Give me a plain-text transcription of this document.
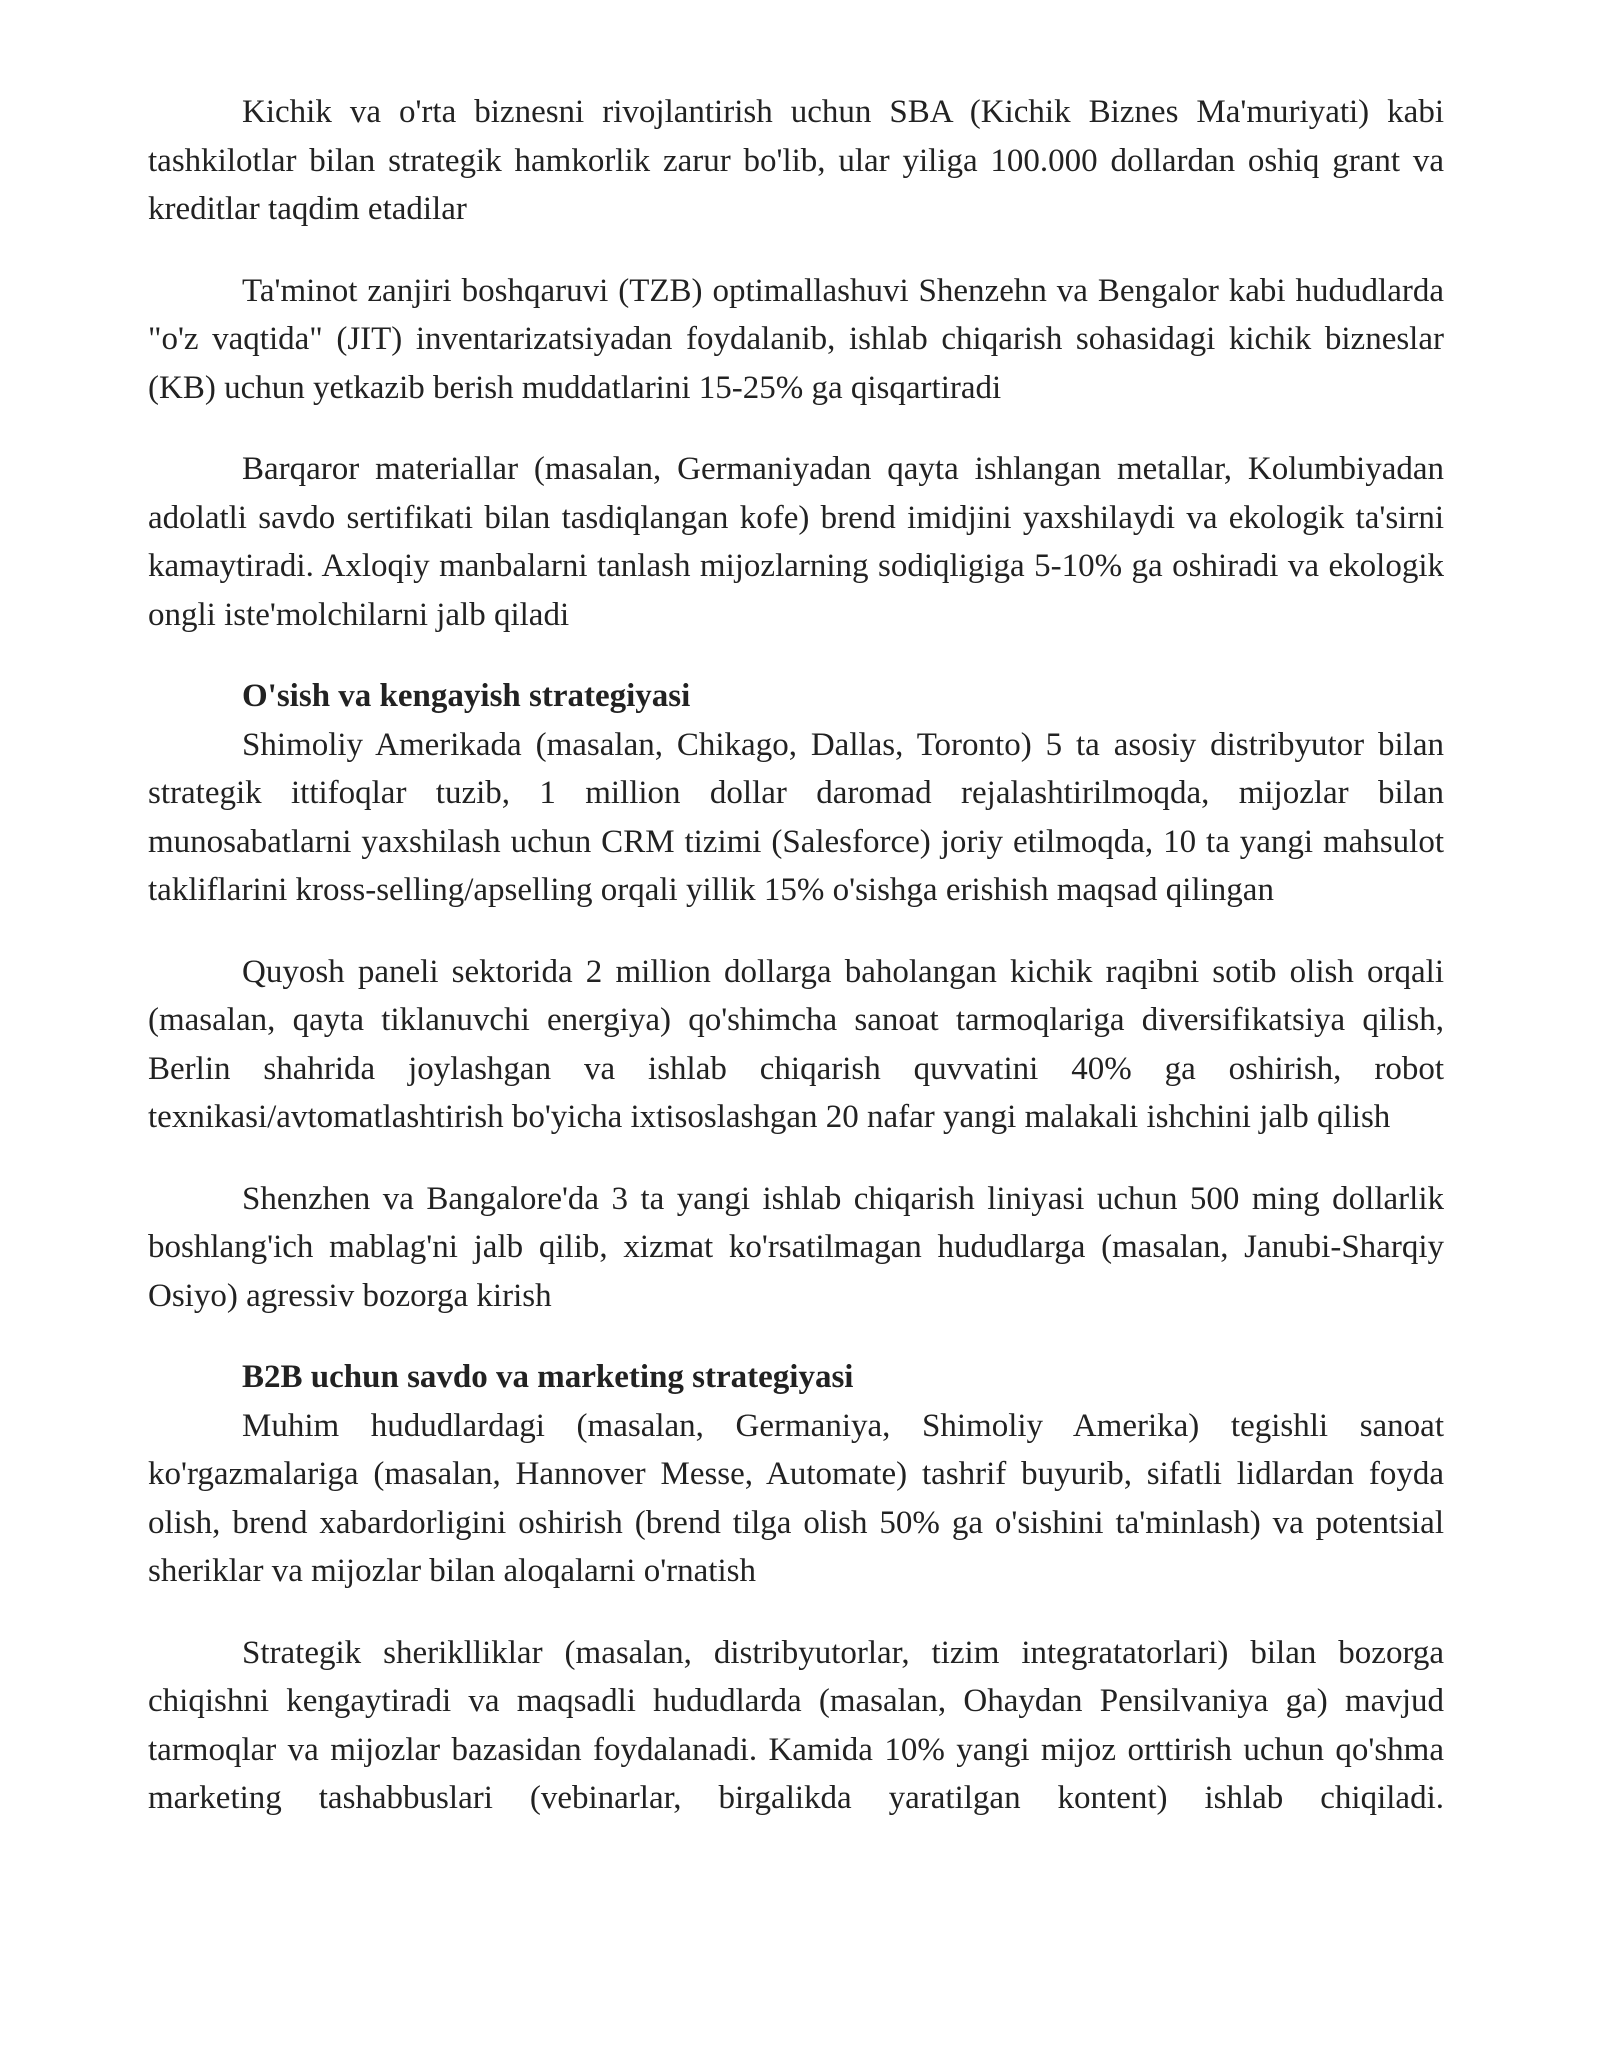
Kichik va o'rta biznesni rivojlantirish uchun SBA (Kichik Biznes Ma'muriyati) kabi tashkilotlar bilan strategik hamkorlik zarur bo'lib, ular yiliga 100.000 dollardan oshiq grant va kreditlar taqdim etadilar

Ta'minot zanjiri boshqaruvi (TZB) optimallashuvi Shenzehn va Bengalor kabi hududlarda "o'z vaqtida" (JIT) inventarizatsiyadan foydalanib, ishlab chiqarish sohasidagi kichik bizneslar (KB) uchun yetkazib berish muddatlarini 15-25% ga qisqartiradi

Barqaror materiallar (masalan, Germaniyadan qayta ishlangan metallar, Kolumbiyadan adolatli savdo sertifikati bilan tasdiqlangan kofe) brend imidjini yaxshilaydi va ekologik ta'sirni kamaytiradi. Axloqiy manbalarni tanlash mijozlarning sodiqligiga 5-10% ga oshiradi va ekologik ongli iste'molchilarni jalb qiladi

O'sish va kengayish strategiyasi

Shimoliy Amerikada (masalan, Chikago, Dallas, Toronto) 5 ta asosiy distribyutor bilan strategik ittifoqlar tuzib, 1 million dollar daromad rejalashtirilmoqda, mijozlar bilan munosabatlarni yaxshilash uchun CRM tizimi (Salesforce) joriy etilmoqda, 10 ta yangi mahsulot takliflarini kross-selling/apselling orqali yillik 15% o'sishga erishish maqsad qilingan

Quyosh paneli sektorida 2 million dollarga baholangan kichik raqibni sotib olish orqali (masalan, qayta tiklanuvchi energiya) qo'shimcha sanoat tarmoqlariga diversifikatsiya qilish, Berlin shahrida joylashgan va ishlab chiqarish quvvatini 40% ga oshirish, robot texnikasi/avtomatlashtirish bo'yicha ixtisoslashgan 20 nafar yangi malakali ishchini jalb qilish

Shenzhen va Bangalore'da 3 ta yangi ishlab chiqarish liniyasi uchun 500 ming dollarlik boshlang'ich mablag'ni jalb qilib, xizmat ko'rsatilmagan hududlarga (masalan, Janubi-Sharqiy Osiyo) agressiv bozorga kirish

B2B uchun savdo va marketing strategiyasi

Muhim hududlardagi (masalan, Germaniya, Shimoliy Amerika) tegishli sanoat ko'rgazmalariga (masalan, Hannover Messe, Automate) tashrif buyurib, sifatli lidlardan foyda olish, brend xabardorligini oshirish (brend tilga olish 50% ga o'sishini ta'minlash) va potentsial sheriklar va mijozlar bilan aloqalarni o'rnatish

Strategik sheriklliklar (masalan, distribyutorlar, tizim integratatorlari) bilan bozorga chiqishni kengaytiradi va maqsadli hududlarda (masalan, Ohaydan Pensilvaniya ga) mavjud tarmoqlar va mijozlar bazasidan foydalanadi. Kamida 10% yangi mijoz orttirish uchun qo'shma marketing tashabbuslari (vebinarlar, birgalikda yaratilgan kontent) ishlab chiqiladi.
